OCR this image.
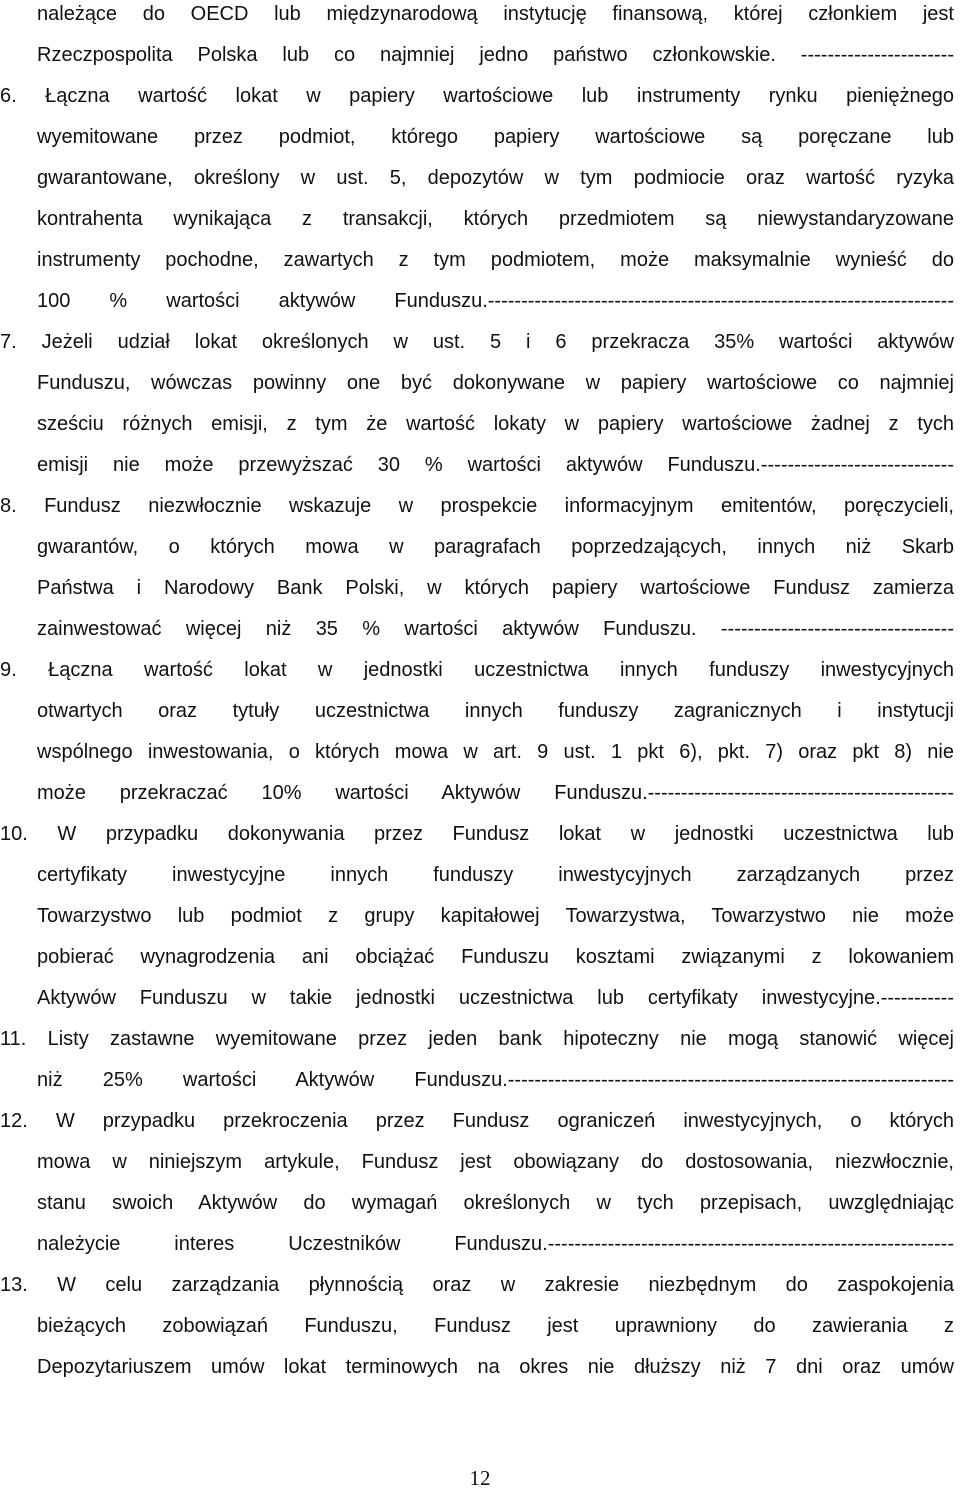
należące do OECD lub międzynarodową instytucję finansową, której członkiem jest
Rzeczpospolita Polska lub co najmniej jedno państwo członkowskie. -----------------------
6. Łączna wartość lokat w papiery wartościowe lub instrumenty rynku pieniężnego
wyemitowane przez podmiot, którego papiery wartościowe są poręczane lub
gwarantowane, określony w ust. 5, depozytów w tym podmiocie oraz wartość ryzyka
kontrahenta wynikająca z transakcji, których przedmiotem są niewystandaryzowane
instrumenty pochodne, zawartych z tym podmiotem, może maksymalnie wynieść do
100 % wartości aktywów Funduszu.----------------------------------------------------------------------
7. Jeżeli udział lokat określonych w ust. 5 i 6 przekracza 35% wartości aktywów
Funduszu, wówczas powinny one być dokonywane w papiery wartościowe co najmniej
sześciu różnych emisji, z tym że wartość lokaty w papiery wartościowe żadnej z tych
emisji nie może przewyższać 30 % wartości aktywów Funduszu.-----------------------------
8. Fundusz niezwłocznie wskazuje w prospekcie informacyjnym emitentów, poręczycieli,
gwarantów, o których mowa w paragrafach poprzedzających, innych niż Skarb
Państwa i Narodowy Bank Polski, w których papiery wartościowe Fundusz zamierza
zainwestować więcej niż 35 % wartości aktywów Funduszu. -----------------------------------
9. Łączna wartość lokat w jednostki uczestnictwa innych funduszy inwestycyjnych
otwartych oraz tytuły uczestnictwa innych funduszy zagranicznych i instytucji
wspólnego inwestowania, o których mowa w art. 9 ust. 1 pkt 6), pkt. 7) oraz pkt 8) nie
może przekraczać 10% wartości Aktywów Funduszu.----------------------------------------------
10. W przypadku dokonywania przez Fundusz lokat w jednostki uczestnictwa lub
certyfikaty inwestycyjne innych funduszy inwestycyjnych zarządzanych przez
Towarzystwo lub podmiot z grupy kapitałowej Towarzystwa, Towarzystwo nie może
pobierać wynagrodzenia ani obciążać Funduszu kosztami związanymi z lokowaniem
Aktywów Funduszu w takie jednostki uczestnictwa lub certyfikaty inwestycyjne.-----------
11. Listy zastawne wyemitowane przez jeden bank hipoteczny nie mogą stanowić więcej
niż 25% wartości Aktywów Funduszu.-------------------------------------------------------------------
12. W przypadku przekroczenia przez Fundusz ograniczeń inwestycyjnych, o których
mowa w niniejszym artykule, Fundusz jest obowiązany do dostosowania, niezwłocznie,
stanu swoich Aktywów do wymagań określonych w tych przepisach, uwzględniając
należycie interes Uczestników Funduszu.-------------------------------------------------------------
13. W celu zarządzania płynnością oraz w zakresie niezbędnym do zaspokojenia
bieżących zobowiązań Funduszu, Fundusz jest uprawniony do zawierania z
Depozytariuszem umów lokat terminowych na okres nie dłuższy niż 7 dni oraz umów
12
